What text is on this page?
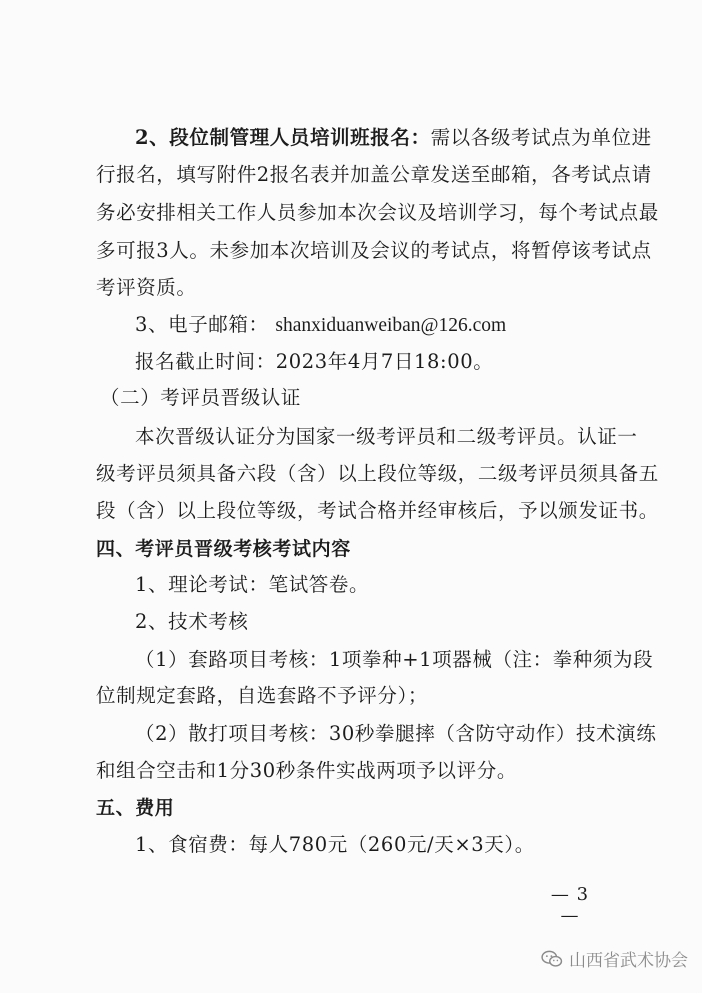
2、段位制管理人员培训班报名：需以各级考试点为单位进
行报名，填写附件2报名表并加盖公章发送至邮箱，各考试点请
务必安排相关工作人员参加本次会议及培训学习，每个考试点最
多可报3人。未参加本次培训及会议的考试点，将暂停该考试点
考评资质。
3、电子邮箱： shanxiduanweiban@126.com
报名截止时间：2023年4月7日18:00。
（二）考评员晋级认证
本次晋级认证分为国家一级考评员和二级考评员。认证一
级考评员须具备六段（含）以上段位等级，二级考评员须具备五
段（含）以上段位等级，考试合格并经审核后，予以颁发证书。
四、考评员晋级考核考试内容
1、理论考试：笔试答卷。
2、技术考核
（1）套路项目考核：1项拳种+1项器械（注：拳种须为段
位制规定套路，自选套路不予评分）；
（2）散打项目考核：30秒拳腿摔（含防守动作）技术演练
和组合空击和1分30秒条件实战两项予以评分。
五、费用
1、食宿费：每人780元（260元/天×3天）。
— 3 —
山西省武术协会
